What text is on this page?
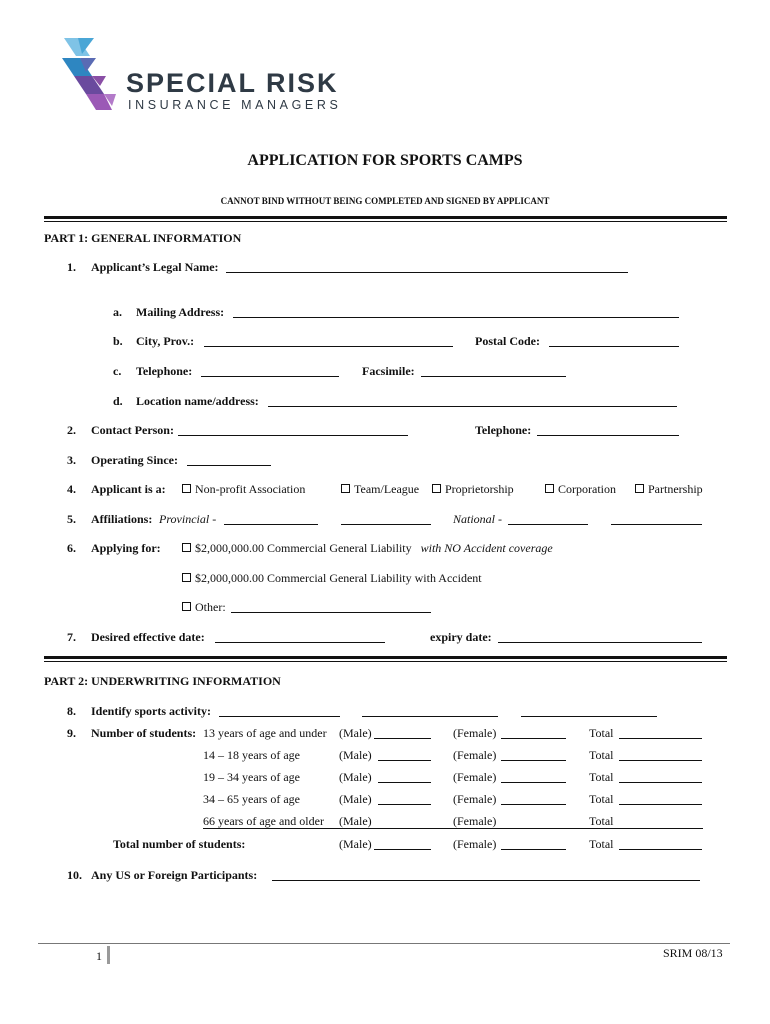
SPECIAL RISK
INSURANCE MANAGERS
APPLICATION FOR SPORTS CAMPS
CANNOT BIND WITHOUT BEING COMPLETED AND SIGNED BY APPLICANT
PART 1: GENERAL INFORMATION
1. Applicant’s Legal Name:
a. Mailing Address:
b. City, Prov.:	Postal Code:
c. Telephone:	Facsimile:
d. Location name/address:
2. Contact Person:	Telephone:
3. Operating Since:
4. Applicant is a:	Non-profit Association	Team/League	Proprietorship	Corporation	Partnership
5. Affiliations: Provincial -	National -
6. Applying for:	$2,000,000.00 Commercial General Liability with NO Accident coverage
$2,000,000.00 Commercial General Liability with Accident
Other:
7. Desired effective date:	expiry date:
PART 2: UNDERWRITING INFORMATION
8. Identify sports activity:
9. Number of students: 13 years of age and under (Male)	(Female)	Total
14 – 18 years of age	(Male)	(Female)	Total
19 – 34 years of age	(Male)	(Female)	Total
34 – 65 years of age	(Male)	(Female)	Total
66 years of age and older (Male)	(Female)	Total
Total number of students:	(Male)	(Female)	Total
10. Any US or Foreign Participants:
1	SRIM 08/13
